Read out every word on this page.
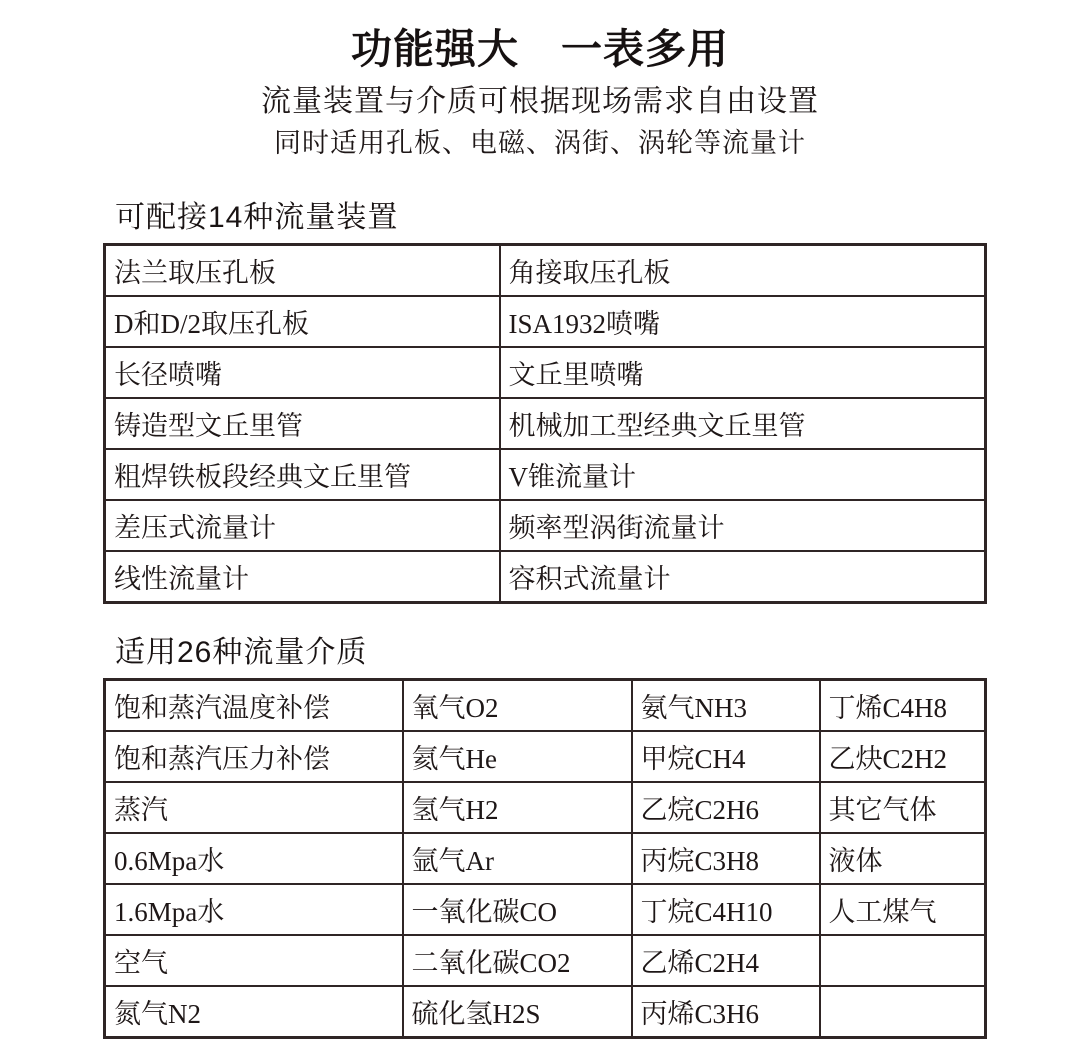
功能强大　一表多用
流量装置与介质可根据现场需求自由设置
同时适用孔板、电磁、涡街、涡轮等流量计
可配接14种流量装置
法兰取压孔板	角接取压孔板
D和D/2取压孔板	ISA1932喷嘴
长径喷嘴	文丘里喷嘴
铸造型文丘里管	机械加工型经典文丘里管
粗焊铁板段经典文丘里管	V锥流量计
差压式流量计	频率型涡街流量计
线性流量计	容积式流量计
适用26种流量介质
饱和蒸汽温度补偿	氧气O2	氨气NH3	丁烯C4H8
饱和蒸汽压力补偿	氦气He	甲烷CH4	乙炔C2H2
蒸汽	氢气H2	乙烷C2H6	其它气体
0.6Mpa水	氩气Ar	丙烷C3H8	液体
1.6Mpa水	一氧化碳CO	丁烷C4H10	人工煤气
空气	二氧化碳CO2	乙烯C2H4	
氮气N2	硫化氢H2S	丙烯C3H6	
